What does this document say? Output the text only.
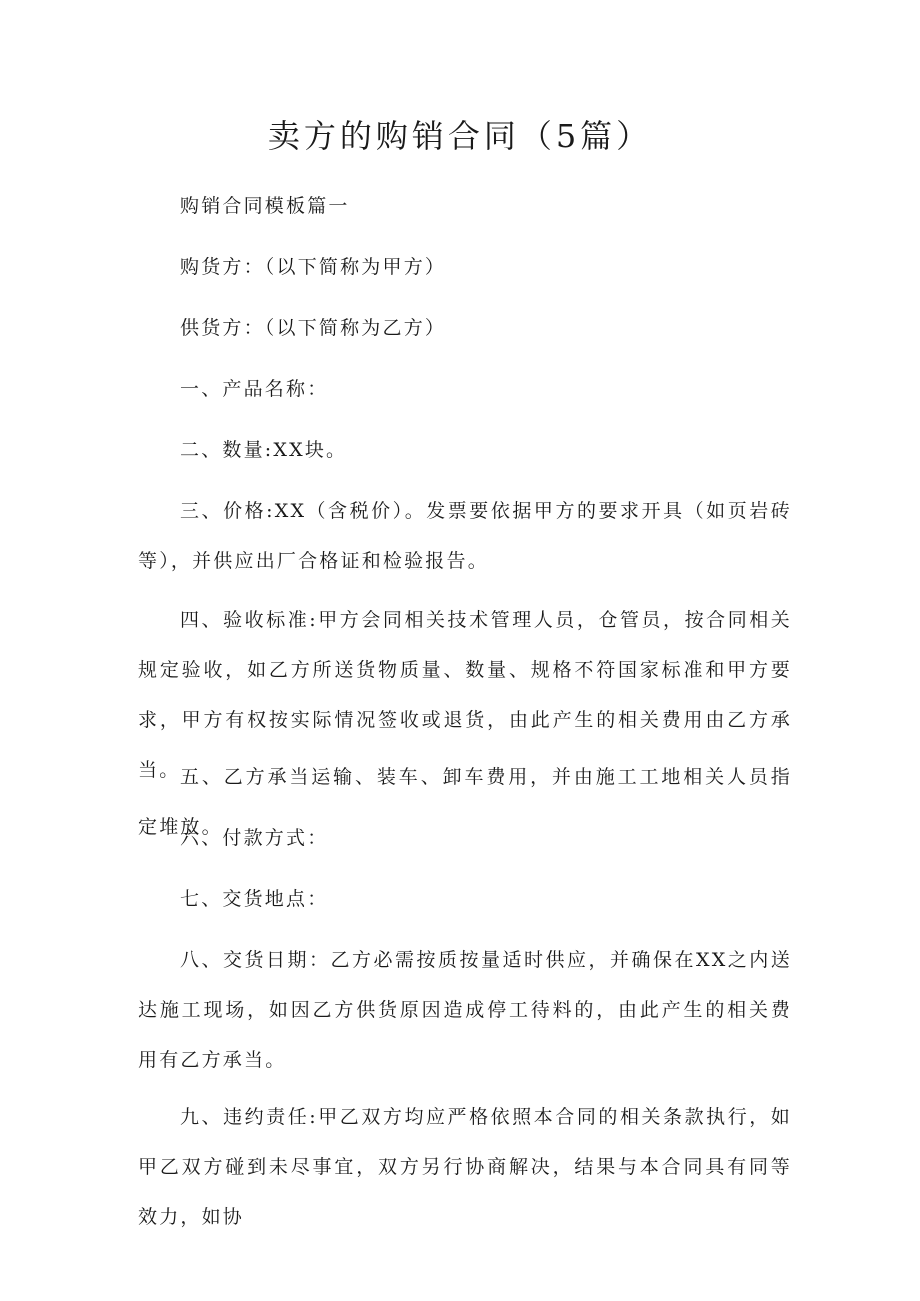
卖方的购销合同（5篇）

购销合同模板篇一

购货方：（以下简称为甲方）

供货方：（以下简称为乙方）

一、产品名称：

二、数量:XX块。

三、价格:XX（含税价）。发票要依据甲方的要求开具（如页岩砖等），并供应出厂合格证和检验报告。

四、验收标准:甲方会同相关技术管理人员，仓管员，按合同相关规定验收，如乙方所送货物质量、数量、规格不符国家标准和甲方要求，甲方有权按实际情况签收或退货，由此产生的相关费用由乙方承当。 五、乙方承当运输、装车、卸车费用，并由施工工地相关人员指定堆放。

六、付款方式：

七、交货地点：

八、交货日期：乙方必需按质按量适时供应，并确保在XX之内送达施工现场，如因乙方供货原因造成停工待料的，由此产生的相关费用有乙方承当。

九、违约责任:甲乙双方均应严格依照本合同的相关条款执行，如甲乙双方碰到未尽事宜，双方另行协商解决，结果与本合同具有同等效力，如协
